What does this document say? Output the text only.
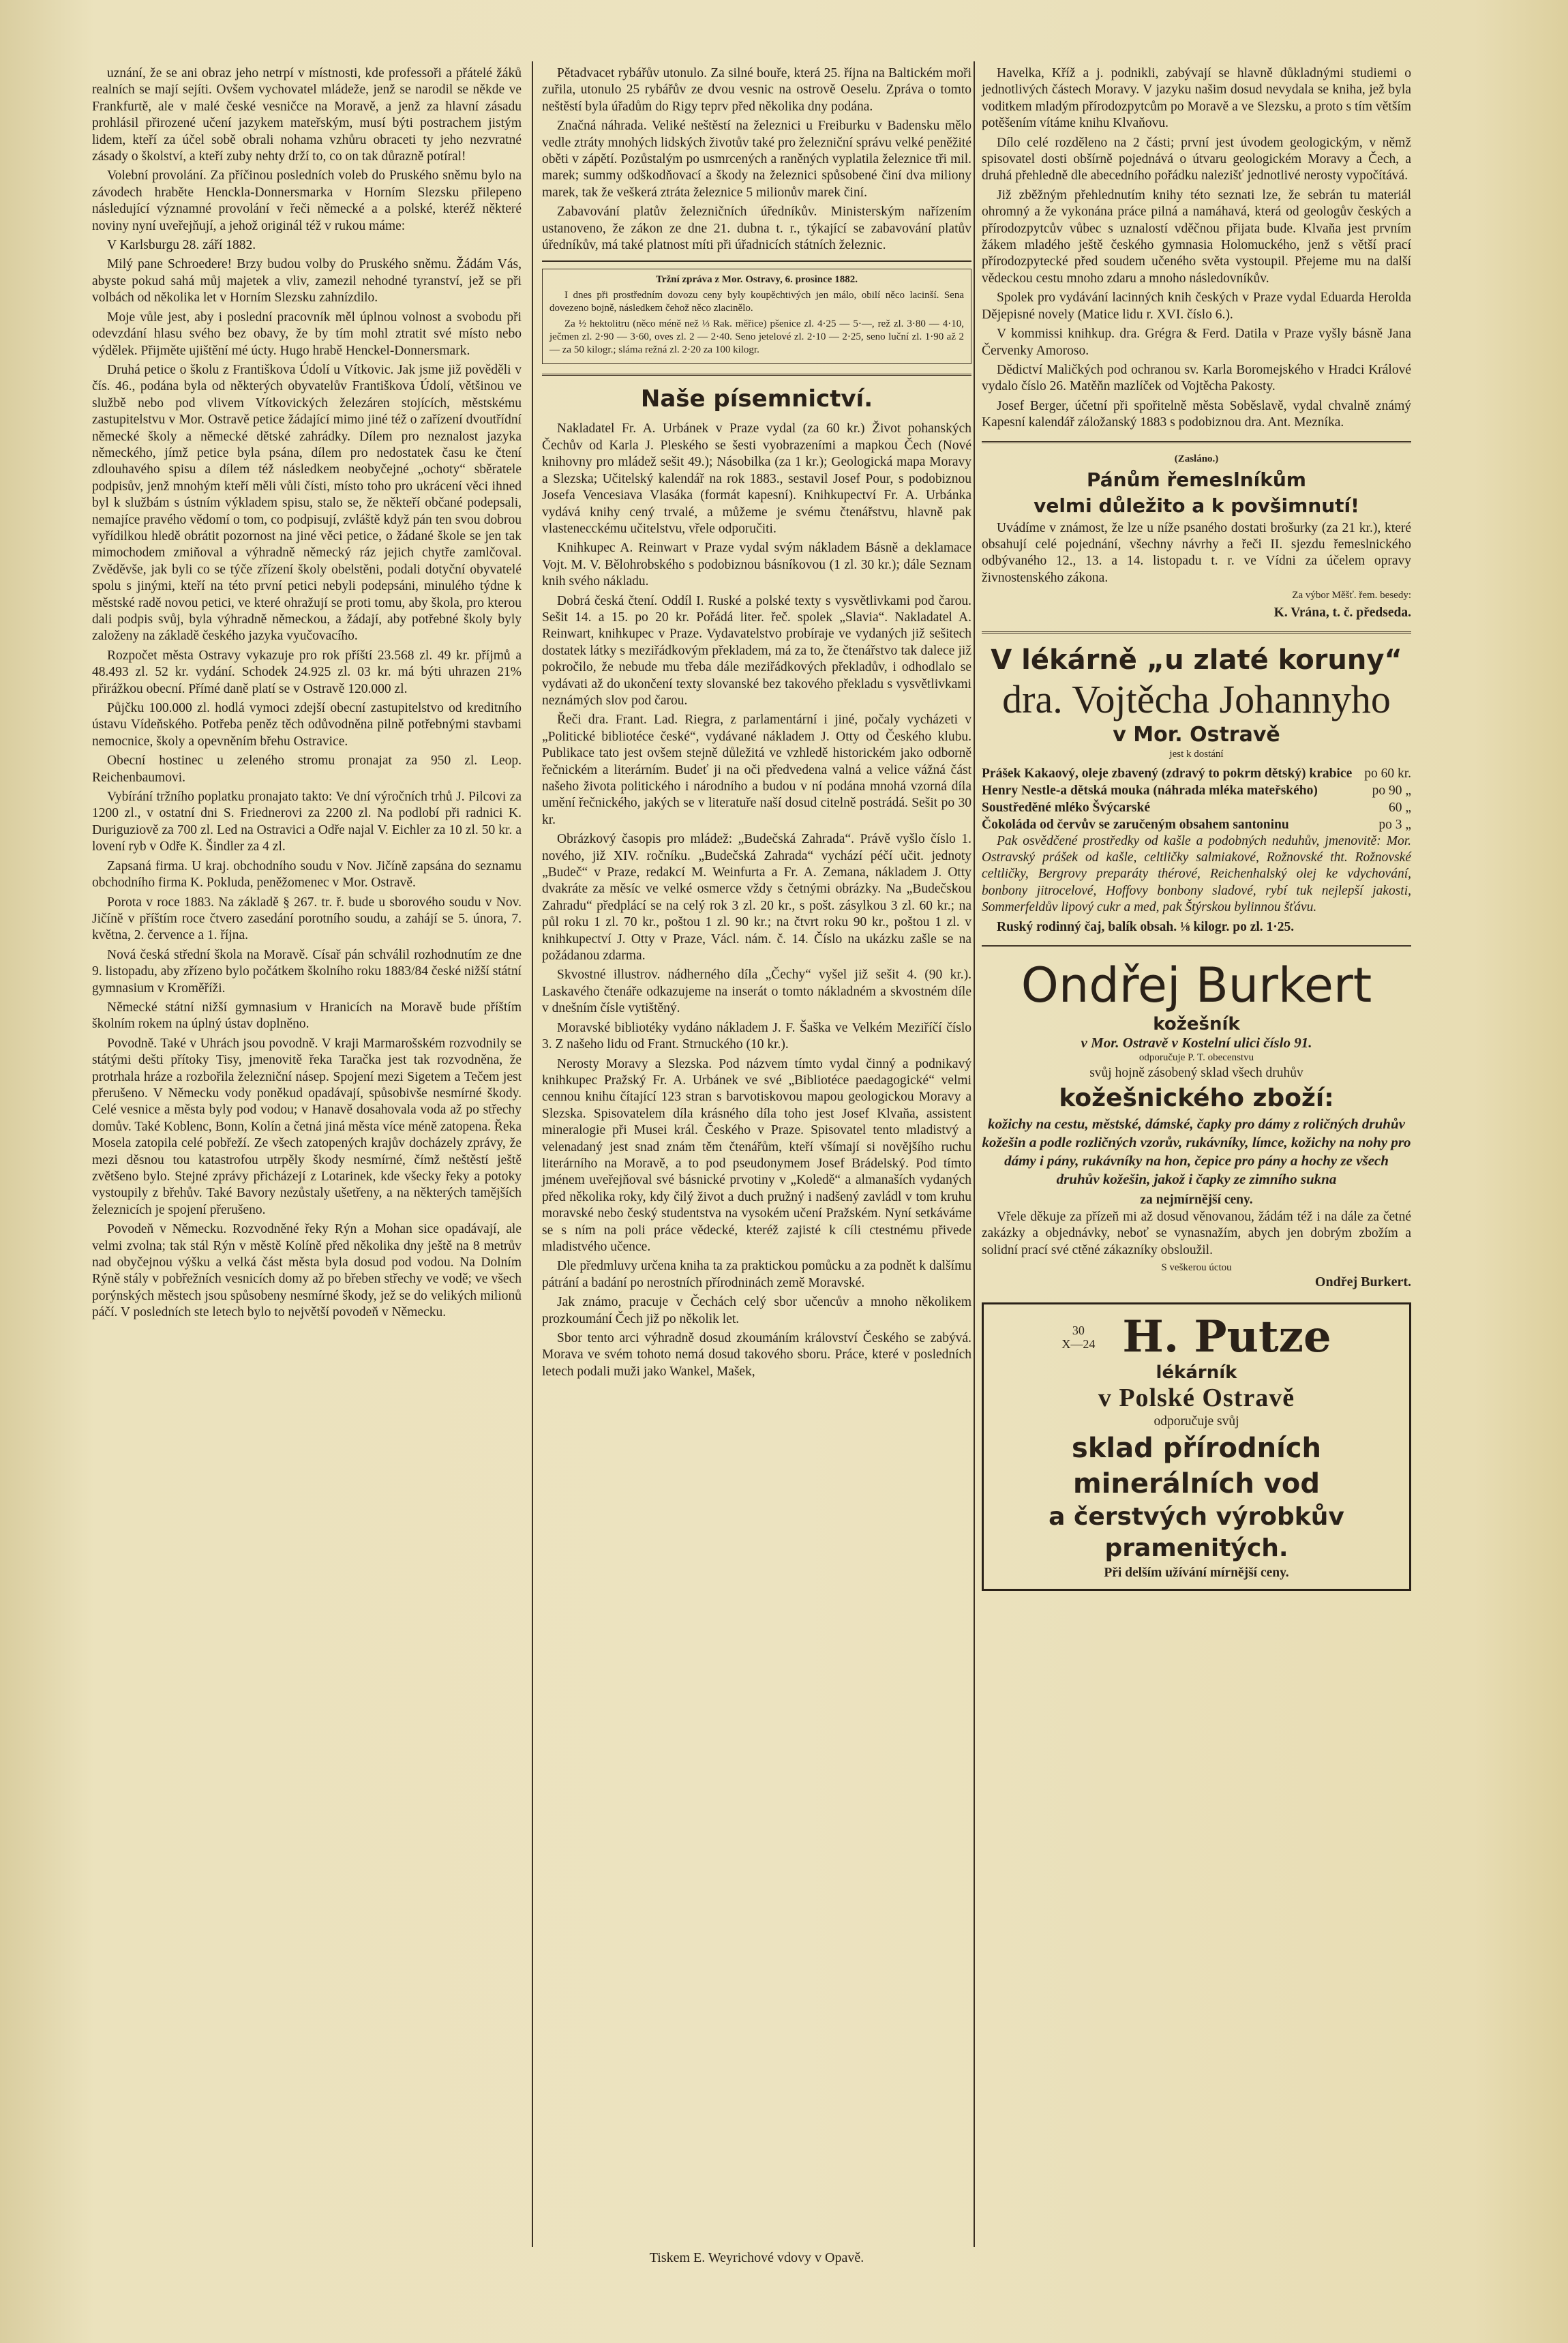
uznání, že se ani obraz jeho netrpí v místnosti, kde professoři a přátelé žáků realních se mají sejíti. Ovšem vychovatel mládeže, jenž se narodil se někde ve Frankfurtě, ale v malé české vesničce na Moravě, a jenž za hlavní zásadu prohlásil přirozené učení jazykem mateřským, musí býti postrachem jistým lidem, kteří za účel sobě obrali nohama vzhůru obraceti ty jeho nezvratné zásady o školství, a kteří zuby nehty drží to, co on tak důrazně potíral!

Volební provolání. Za příčinou posledních voleb do Pruského sněmu bylo na závodech hraběte Henckla-Donnersmarka v Horním Slezsku přilepeno následující významné provolání v řeči německé a a polské, kteréž některé noviny nyní uveřejňují, a jehož originál též v rukou máme:

V Karlsburgu 28. září 1882.

Milý pane Schroedere! Brzy budou volby do Pruského sněmu. Žádám Vás, abyste pokud sahá můj majetek a vliv, zamezil nehodné tyranství, jež se při volbách od několika let v Horním Slezsku zahnízdilo.

Moje vůle jest, aby i poslední pracovník měl úplnou volnost a svobodu při odevzdání hlasu svého bez obavy, že by tím mohl ztratit své místo nebo výdělek. Přijměte ujištění mé úcty. Hugo hrabě Henckel-Donnersmark.

Druhá petice o školu z Františkova Údolí u Vítkovic. Jak jsme již pověděli v čís. 46., podána byla od některých obyvatelův Františkova Údolí, většinou ve službě nebo pod vlivem Vítkovických železáren stojících, městskému zastupitelstvu v Mor. Ostravě petice žádající mimo jiné též o zařízení dvoutřídní německé školy a německé dětské zahrádky. Dílem pro neznalost jazyka německého, jímž petice byla psána, dílem pro nedostatek času ke čtení zdlouhavého spisu a dílem též následkem neobyčejné „ochoty“ sběratele podpisův, jenž mnohým kteří měli vůli čísti, místo toho pro ukrácení věci ihned byl k službám s ústním výkladem spisu, stalo se, že někteří občané podepsali, nemajíce pravého vědomí o tom, co podpisují, zvláště když pán ten svou dobrou vyřídilkou hledě obrátit pozornost na jiné věci petice, o žádané škole se jen tak mimochodem zmiňoval a výhradně německý ráz jejich chytře zamlčoval. Zvěděvše, jak byli co se týče zřízení školy obelstěni, podali dotyční obyvatelé spolu s jinými, kteří na této první petici nebyli podepsáni, minulého týdne k městské radě novou petici, ve které ohražují se proti tomu, aby škola, pro kterou dali podpis svůj, byla výhradně německou, a žádají, aby potřebné školy byly založeny na základě českého jazyka vyučovacího.

Rozpočet města Ostravy vykazuje pro rok příští 23.568 zl. 49 kr. příjmů a 48.493 zl. 52 kr. vydání. Schodek 24.925 zl. 03 kr. má býti uhrazen 21% přirážkou obecní. Přímé daně platí se v Ostravě 120.000 zl.

Půjčku 100.000 zl. hodlá vymoci zdejší obecní zastupitelstvo od kreditního ústavu Vídeňského. Potřeba peněz těch odůvodněna pilně potřebnými stavbami nemocnice, školy a opevněním břehu Ostravice.

Obecní hostinec u zeleného stromu pronajat za 950 zl. Leop. Reichenbaumovi.

Vybírání tržního poplatku pronajato takto: Ve dní výročních trhů J. Pilcovi za 1200 zl., v ostatní dni S. Friednerovi za 2200 zl. Na podlobí při radnici K. Duriguziově za 700 zl. Led na Ostravici a Odře najal V. Eichler za 10 zl. 50 kr. a lovení ryb v Odře K. Šindler za 4 zl.

Zapsaná firma. U kraj. obchodního soudu v Nov. Jičíně zapsána do seznamu obchodního firma K. Pokluda, peněžomenec v Mor. Ostravě.

Porota v roce 1883. Na základě § 267. tr. ř. bude u sborového soudu v Nov. Jičíně v příštím roce čtvero zasedání porotního soudu, a zahájí se 5. února, 7. května, 2. července a 1. října.

Nová česká střední škola na Moravě. Císař pán schválil rozhodnutím ze dne 9. listopadu, aby zřízeno bylo počátkem školního roku 1883/84 české nižší státní gymnasium v Kroměříži.

Německé státní nižší gymnasium v Hranicích na Moravě bude příštím školním rokem na úplný ústav doplněno.

Povodně. Také v Uhrách jsou povodně. V kraji Marmarošském rozvodnily se státými dešti přítoky Tisy, jmenovitě řeka Taračka jest tak rozvodněna, že protrhala hráze a rozbořila železniční násep. Spojení mezi Sigetem a Tečem jest přerušeno. V Německu vody poněkud opadávají, spůsobivše nesmírné škody. Celé vesnice a města byly pod vodou; v Hanavě dosahovala voda až po střechy domův. Také Koblenc, Bonn, Kolín a četná jiná města více méně zatopena. Řeka Mosela zatopila celé pobřeží. Ze všech zatopených krajův docházely zprávy, že mezi děsnou tou katastrofou utrpěly škody nesmírné, čímž neštěstí ještě zvětšeno bylo. Stejné zprávy přicházejí z Lotarinek, kde všecky řeky a potoky vystoupily z břehův. Také Bavory nezůstaly ušetřeny, a na některých tamějších železnicích je spojení přerušeno.

Povodeň v Německu. Rozvodněné řeky Rýn a Mohan sice opadávají, ale velmi zvolna; tak stál Rýn v městě Kolíně před několika dny ještě na 8 metrův nad obyčejnou výšku a velká část města byla dosud pod vodou. Na Dolním Rýně stály v pobřežních vesnicích domy až po břeben střechy ve vodě; ve všech porýnských městech jsou spůsobeny nesmírné škody, jež se do velikých milionů páčí. V posledních ste letech bylo to největší povodeň v Německu.

Pětadvacet rybářův utonulo. Za silné bouře, která 25. října na Baltickém moři zuřila, utonulo 25 rybářův ze dvou vesnic na ostrově Oeselu. Zpráva o tomto neštěstí byla úřadům do Rigy teprv před několika dny podána.

Značná náhrada. Veliké neštěstí na železnici u Freiburku v Badensku mělo vedle ztráty mnohých lidských životův také pro železniční správu velké peněžité oběti v zápětí. Pozůstalým po usmrcených a raněných vyplatila železnice tři mil. marek; summy odškodňovací a škody na železnici spůsobené činí dva miliony marek, tak že veškerá ztráta železnice 5 milionův marek činí.

Zabavování platův železničních úředníkův. Ministerským nařízením ustanoveno, že zákon ze dne 21. dubna t. r., týkající se zabavování platův úředníkův, má také platnost míti při úřadnicích státních železnic.

Tržní zpráva z Mor. Ostravy, 6. prosince 1882.

I dnes při prostředním dovozu ceny byly koupěchtivých jen málo, obilí něco lacinší. Sena dovezeno bojně, následkem čehož něco zlacinělo.

Za ½ hektolitru (něco méně než ⅓ Rak. měřice) pšenice zl. 4·25 — 5·—, rež zl. 3·80 — 4·10, ječmen zl. 2·90 — 3·60, oves zl. 2 — 2·40. Seno jetelové zl. 2·10 — 2·25, seno luční zl. 1·90 až 2 — za 50 kilogr.; sláma režná zl. 2·20 za 100 kilogr.

Naše písemnictví.

Nakladatel Fr. A. Urbánek v Praze vydal (za 60 kr.) Život pohanských Čechův od Karla J. Pleského se šesti vyobrazeními a mapkou Čech (Nové knihovny pro mládež sešit 49.); Násobilka (za 1 kr.); Geologická mapa Moravy a Slezska; Učitelský kalendář na rok 1883., sestavil Josef Pour, s podobiznou Josefa Vencesiava Vlasáka (formát kapesní). Knihkupectví Fr. A. Urbánka vydává knihy cený trvalé, a můžeme je svému čtenářstvu, hlavně pak vlastenecckému učitelstvu, vřele odporučiti.

Knihkupec A. Reinwart v Praze vydal svým nákladem Básně a deklamace Vojt. M. V. Bělohrobského s podobiznou básníkovou (1 zl. 30 kr.); dále Seznam knih svého nákladu.

Dobrá česká čtení. Oddíl I. Ruské a polské texty s vysvětlivkami pod čarou. Sešit 14. a 15. po 20 kr. Pořádá liter. řeč. spolek „Slavia“. Nakladatel A. Reinwart, knihkupec v Praze. Vydavatelstvo probíraje ve vydaných již sešitech dostatek látky s meziřádkovým překladem, má za to, že čtenářstvo tak dalece již pokročilo, že nebude mu třeba dále meziřádkových překladův, i odhodlalo se vydávati až do ukončení texty slovanské bez takového překladu s vysvětlivkami neznámých slov pod čarou.

Řeči dra. Frant. Lad. Riegra, z parlamentární i jiné, počaly vycházeti v „Politické bibliotéce české“, vydávané nákladem J. Otty od Českého klubu. Publikace tato jest ovšem stejně důležitá ve vzhledě historickém jako odborně řečnickém a literárním. Budeť ji na oči předvedena valná a velice vážná část našeho života politického i národního a budou v ní podána mnohá vzorná díla umění řečnického, jakých se v literatuře naší dosud citelně postrádá. Sešit po 30 kr.

Obrázkový časopis pro mládež: „Budečská Zahrada“. Právě vyšlo číslo 1. nového, již XIV. ročníku. „Budečská Zahrada“ vychází péčí učit. jednoty „Budeč“ v Praze, redakcí M. Weinfurta a Fr. A. Zemana, nákladem J. Otty dvakráte za měsíc ve velké osmerce vždy s četnými obrázky. Na „Budečskou Zahradu“ předplácí se na celý rok 3 zl. 20 kr., s pošt. zásylkou 3 zl. 60 kr.; na půl roku 1 zl. 70 kr., poštou 1 zl. 90 kr.; na čtvrt roku 90 kr., poštou 1 zl. v knihkupectví J. Otty v Praze, Václ. nám. č. 14. Číslo na ukázku zašle se na požádanou zdarma.

Skvostné illustrov. nádherného díla „Čechy“ vyšel již sešit 4. (90 kr.). Laskavého čtenáře odkazujeme na inserát o tomto nákladném a skvostném díle v dnešním čísle vytištěný.

Moravské bibliotéky vydáno nákladem J. F. Šaška ve Velkém Meziříčí číslo 3. Z našeho lidu od Frant. Strnuckého (10 kr.).

Nerosty Moravy a Slezska. Pod názvem tímto vydal činný a podnikavý knihkupec Pražský Fr. A. Urbánek ve své „Bibliotéce paedagogické“ velmi cennou knihu čítající 123 stran s barvotiskovou mapou geologickou Moravy a Slezska. Spisovatelem díla krásného díla toho jest Josef Klvaňa, assistent mineralogie při Musei král. Českého v Praze. Spisovatel tento mladistvý a velenadaný jest snad znám těm čtenářům, kteří všímají si novějšího ruchu literárního na Moravě, a to pod pseudonymem Josef Brádelský. Pod tímto jménem uveřejňoval své básnické prvotiny v „Koledě“ a almanaších vydaných před několika roky, kdy čilý život a duch pružný i nadšený zavládl v tom kruhu moravské nebo český studentstva na vysokém učení Pražském. Nyní setkáváme se s ním na poli práce vědecké, kteréž zajisté k cíli ctestnému přivede mladistvého učence.

Dle předmluvy určena kniha ta za praktickou pomůcku a za podnět k dalšímu pátrání a badání po nerostních přírodninách země Moravské.

Jak známo, pracuje v Čechách celý sbor učencův a mnoho několikem prozkoumání Čech již po několik let.

Sbor tento arci výhradně dosud zkoumáním království Českého se zabývá. Morava ve svém tohoto nemá dosud takového sboru. Práce, které v posledních letech podali muži jako Wankel, Mašek,

Havelka, Kříž a j. podnikli, zabývají se hlavně důkladnými studiemi o jednotlivých částech Moravy. V jazyku našim dosud nevydala se kniha, jež byla voditkem mladým přírodozpytcům po Moravě a ve Slezsku, a proto s tím větším potěšením vítáme knihu Klvaňovu.

Dílo celé rozděleno na 2 části; první jest úvodem geologickým, v němž spisovatel dosti obšírně pojednává o útvaru geologickém Moravy a Čech, a druhá přehledně dle abecedního pořádku nalezišť jednotlivé nerosty vypočítává.

Již zběžným přehlednutím knihy této seznati lze, že sebrán tu materiál ohromný a že vykonána práce pilná a namáhavá, která od geologův českých a přírodozpytcův vůbec s uznalostí vděčnou přijata bude. Klvaňa jest prvním žákem mladého ještě českého gymnasia Holomuckého, jenž s větší prací přírodozpytecké před soudem učeného světa vystoupil. Přejeme mu na další vědeckou cestu mnoho zdaru a mnoho následovníkův.

Spolek pro vydávání lacinných knih českých v Praze vydal Eduarda Herolda Dějepisné novely (Matice lidu r. XVI. číslo 6.).

V kommissi knihkup. dra. Grégra & Ferd. Datila v Praze vyšly básně Jana Červenky Amoroso.

Dědictví Maličkých pod ochranou sv. Karla Boromejského v Hradci Králové vydalo číslo 26. Matěňn mazlíček od Vojtěcha Pakosty.

Josef Berger, účetní při spořitelně města Soběslavě, vydal chvalně známý Kapesní kalendář záložanský 1883 s podobiznou dra. Ant. Mezníka.

(Zasláno.)

Pánům řemeslníkům

velmi důležito a k povšimnutí!

Uvádíme v známost, že lze u níže psaného dostati brošurky (za 21 kr.), které obsahují celé pojednání, všechny návrhy a řeči II. sjezdu řemeslnického odbývaného 12., 13. a 14. listopadu t. r. ve Vídni za účelem opravy živnostenského zákona.

Za výbor Měšť. řem. besedy:

K. Vrána, t. č. předseda.

V lékárně „u zlaté koruny“
dra. Vojtěcha Johannyho
v Mor. Ostravě
jest k dostání
Prášek Kakaový, oleje zbavený (zdravý to pokrm dětský) krabice po 60 kr.
Henry Nestle-a dětská mouka (náhrada mléka mateřského)	po 90 „
Soustředěné mléko Švýcarské	60 „
Čokoláda od červův se zaručeným obsahem santoninu	po 3 „

Pak osvědčené prostředky od kašle a podobných neduhův, jmenovitě: Mor. Ostravský prášek od kašle, celtličky salmiakové, Rožnovské tht. Rožnovské celtličky, Bergrovy preparáty thérové, Reichenhalský olej ke vdychování, bonbony jitrocelové, Hoffovy bonbony sladové, rybí tuk nejlepší jakosti, Sommerfeldův lipový cukr a med, pak Štýrskou bylinnou šťávu.

Ruský rodinný čaj, balík obsah. ⅛ kilogr. po zl. 1·25.

Ondřej Burkert
kožešník
v Mor. Ostravě v Kostelní ulici číslo 91.
odporučuje P. T. obecenstvu
svůj hojně zásobený sklad všech druhův
kožešnického zboží:

kožichy na cestu, městské, dámské, čapky pro dámy z roličných druhův kožešin a podle rozličných vzorův, rukávníky, límce, kožichy na nohy pro dámy i pány, rukávníky na hon, čepice pro pány a hochy ze všech druhův kožešin, jakož i čapky ze zimního sukna

za nejmírnější ceny.

Vřele děkuje za přízeň mi až dosud věnovanou, žádám též i na dále za četné zakázky a objednávky, neboť se vynasnažím, abych jen dobrým zbožím a solidní prací své ctěné zákazníky obsloužil.

S veškerou úctou
Ondřej Burkert.
30
X—24 H. Putze
lékárník
v Polské Ostravě
odporučuje svůj
sklad přírodních minerálních vod
a čerstvých výrobkův pramenitých.
Při delším užívání mírnější ceny.
Tiskem E. Weyrichové vdovy v Opavě.
